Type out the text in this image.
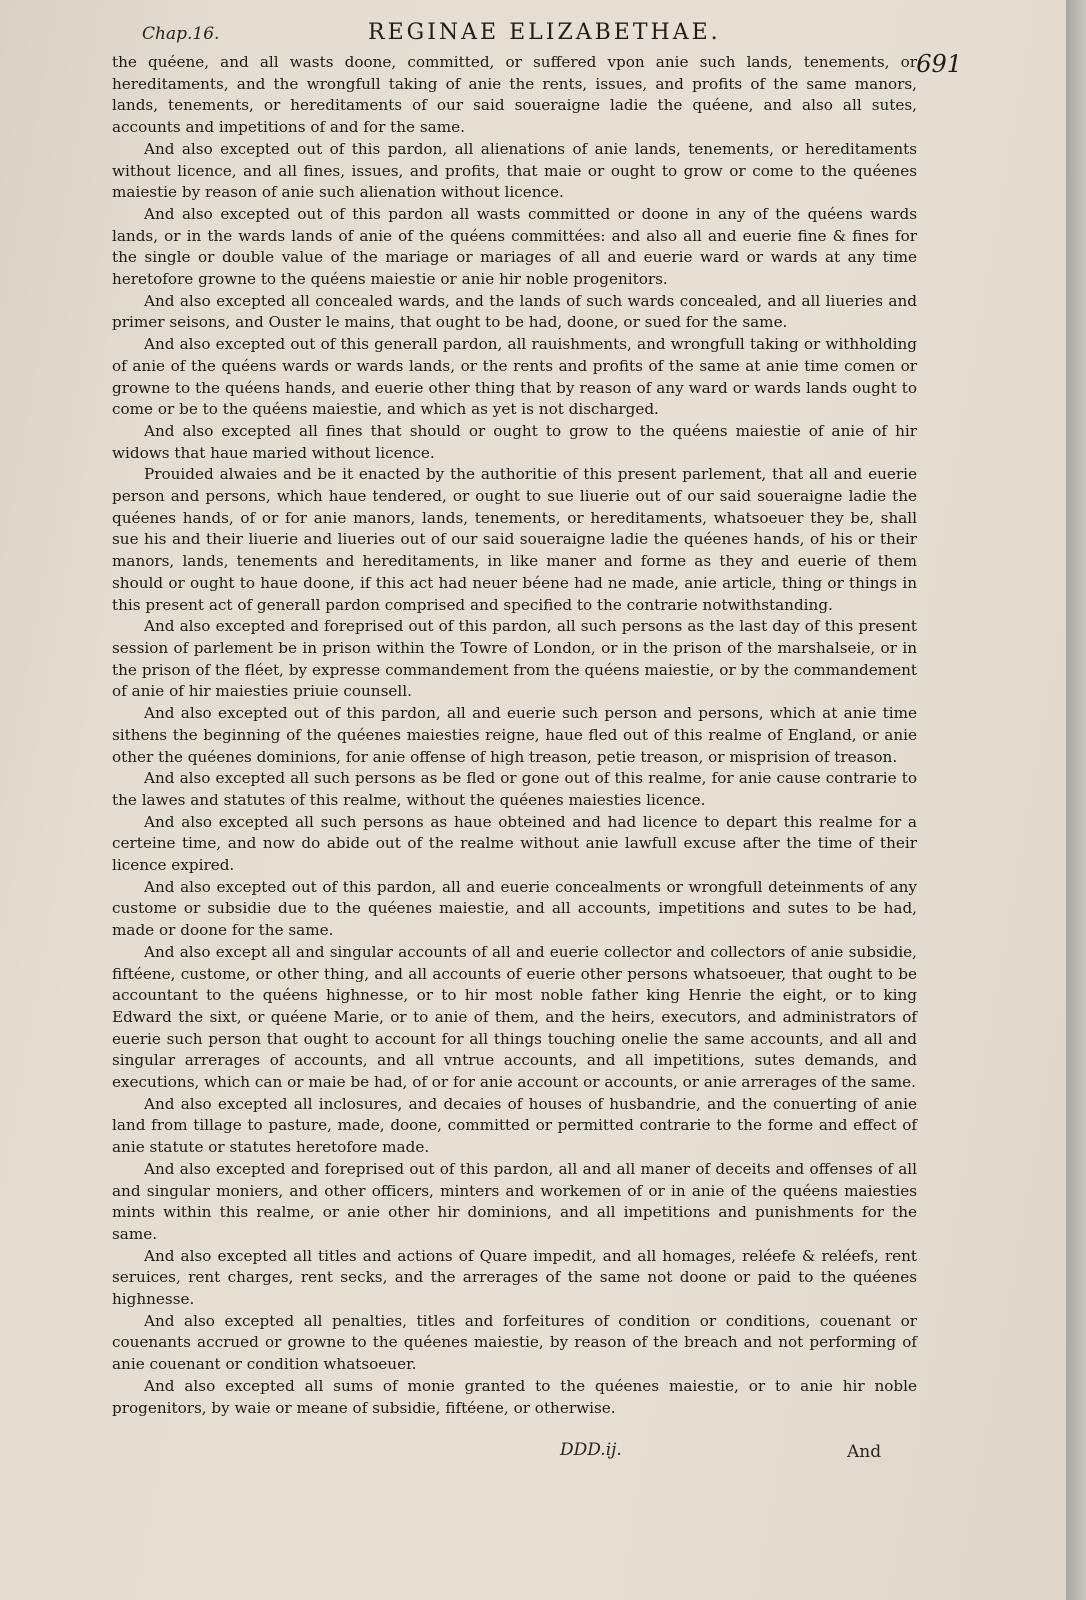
Chap.16.	REGINAE ELIZABETHAE.
691

the quéene, and all wasts doone, committed, or suffered vpon anie such lands, tenements, or hereditaments, and the wrongfull taking of anie the rents, issues, and profits of the same manors, lands, tenements, or hereditaments of our said soueraigne ladie the quéene, and also all sutes, accounts and impetitions of and for the same.

And also excepted out of this pardon, all alienations of anie lands, tenements, or hereditaments without licence, and all fines, issues, and profits, that maie or ought to grow or come to the quéenes maiestie by reason of anie such alienation without licence.

And also excepted out of this pardon all wasts committed or doone in any of the quéens wards lands, or in the wards lands of anie of the quéens committées: and also all and euerie fine & fines for the single or double value of the mariage or mariages of all and euerie ward or wards at any time heretofore growne to the quéens maiestie or anie hir noble progenitors.

And also excepted all concealed wards, and the lands of such wards concealed, and all liueries and primer seisons, and Ouster le mains, that ought to be had, doone, or sued for the same.

And also excepted out of this generall pardon, all rauishments, and wrongfull taking or withholding of anie of the quéens wards or wards lands, or the rents and profits of the same at anie time comen or growne to the quéens hands, and euerie other thing that by reason of any ward or wards lands ought to come or be to the quéens maiestie, and which as yet is not discharged.

And also excepted all fines that should or ought to grow to the quéens maiestie of anie of hir widows that haue maried without licence.

Prouided alwaies and be it enacted by the authoritie of this present parlement, that all and euerie person and persons, which haue tendered, or ought to sue liuerie out of our said soueraigne ladie the quéenes hands, of or for anie manors, lands, tenements, or hereditaments, whatsoeuer they be, shall sue his and their liuerie and liueries out of our said soueraigne ladie the quéenes hands, of his or their manors, lands, tenements and hereditaments, in like maner and forme as they and euerie of them should or ought to haue doone, if this act had neuer béene had ne made, anie article, thing or things in this present act of generall pardon comprised and specified to the contrarie notwithstanding.

And also excepted and foreprised out of this pardon, all such persons as the last day of this present session of parlement be in prison within the Towre of London, or in the prison of the marshalseie, or in the prison of the fléet, by expresse commandement from the quéens maiestie, or by the commandement of anie of hir maiesties priuie counsell.

And also excepted out of this pardon, all and euerie such person and persons, which at anie time sithens the beginning of the quéenes maiesties reigne, haue fled out of this realme of England, or anie other the quéenes dominions, for anie offense of high treason, petie treason, or misprision of treason.

And also excepted all such persons as be fled or gone out of this realme, for anie cause contrarie to the lawes and statutes of this realme, without the quéenes maiesties licence.

And also excepted all such persons as haue obteined and had licence to depart this realme for a certeine time, and now do abide out of the realme without anie lawfull excuse after the time of their licence expired.

And also excepted out of this pardon, all and euerie concealments or wrongfull deteinments of any custome or subsidie due to the quéenes maiestie, and all accounts, impetitions and sutes to be had, made or doone for the same.

And also except all and singular accounts of all and euerie collector and collectors of anie subsidie, fiftéene, custome, or other thing, and all accounts of euerie other persons whatsoeuer, that ought to be accountant to the quéens highnesse, or to hir most noble father king Henrie the eight, or to king Edward the sixt, or quéene Marie, or to anie of them, and the heirs, executors, and administrators of euerie such person that ought to account for all things touching onelie the same accounts, and all and singular arrerages of accounts, and all vntrue accounts, and all impetitions, sutes demands, and executions, which can or maie be had, of or for anie account or accounts, or anie arrerages of the same.

And also excepted all inclosures, and decaies of houses of husbandrie, and the conuerting of anie land from tillage to pasture, made, doone, committed or permitted contrarie to the forme and effect of anie statute or statutes heretofore made.

And also excepted and foreprised out of this pardon, all and all maner of deceits and offenses of all and singular moniers, and other officers, minters and workemen of or in anie of the quéens maiesties mints within this realme, or anie other hir dominions, and all impetitions and punishments for the same.

And also excepted all titles and actions of Quare impedit, and all homages, reléefe & reléefs, rent seruices, rent charges, rent secks, and the arrerages of the same not doone or paid to the quéenes highnesse.

And also excepted all penalties, titles and forfeitures of condition or conditions, couenant or couenants accrued or growne to the quéenes maiestie, by reason of the breach and not performing of anie couenant or condition whatsoeuer.

And also excepted all sums of monie granted to the quéenes maiestie, or to anie hir noble progenitors, by waie or meane of subsidie, fiftéene, or otherwise.

DDD.ij.	And
